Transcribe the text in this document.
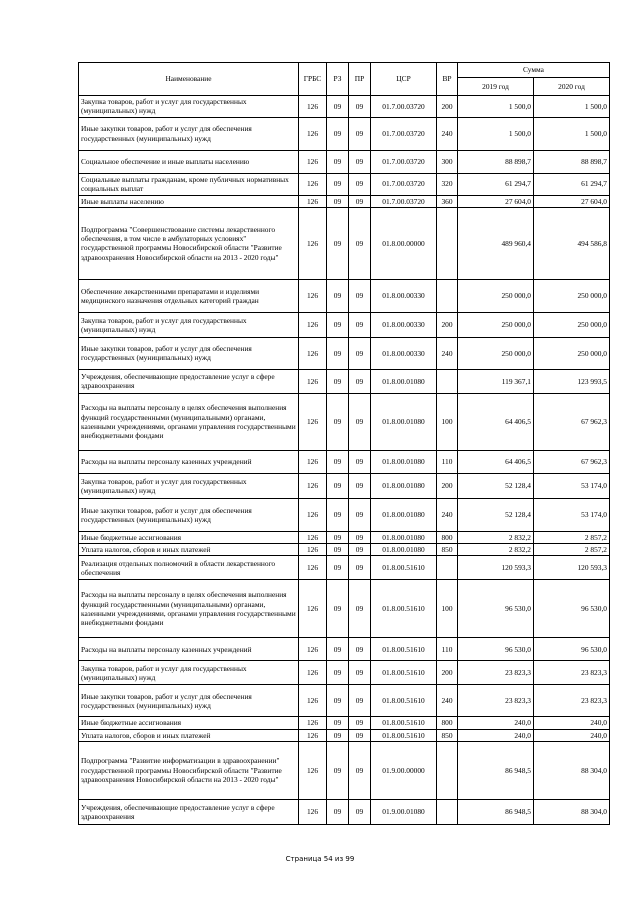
Наименование	ГРБС	РЗ	ПР	ЦСР	ВР	Сумма	
						2019 год	2020 год
Закупка товаров, работ и услуг для государственных (муниципальных) нужд	126	09	09	01.7.00.03720	200	1 500,0	1 500,0
Иные закупки товаров, работ и услуг для обеспечения государственных (муниципальных) нужд	126	09	09	01.7.00.03720	240	1 500,0	1 500,0
Социальное обеспечение и иные выплаты населению	126	09	09	01.7.00.03720	300	88 898,7	88 898,7
Социальные выплаты гражданам, кроме публичных нормативных социальных выплат	126	09	09	01.7.00.03720	320	61 294,7	61 294,7
Иные выплаты населению	126	09	09	01.7.00.03720	360	27 604,0	27 604,0
Подпрограмма "Совершенствование системы лекарственного обеспечения, в том числе в амбулаторных условиях" государственной программы Новосибирской области "Развитие здравоохранения Новосибирской области на 2013 - 2020 годы"	126	09	09	01.8.00.00000		489 960,4	494 586,8
Обеспечение лекарственными препаратами и изделиями медицинского назначения отдельных категорий граждан	126	09	09	01.8.00.00330		250 000,0	250 000,0
Закупка товаров, работ и услуг для государственных (муниципальных) нужд	126	09	09	01.8.00.00330	200	250 000,0	250 000,0
Иные закупки товаров, работ и услуг для обеспечения государственных (муниципальных) нужд	126	09	09	01.8.00.00330	240	250 000,0	250 000,0
Учреждения, обеспечивающие предоставление услуг в сфере здравоохранения	126	09	09	01.8.00.01080		119 367,1	123 993,5
Расходы на выплаты персоналу в целях обеспечения выполнения функций государственными (муниципальными) органами, казенными учреждениями, органами управления государственными внебюджетными фондами	126	09	09	01.8.00.01080	100	64 406,5	67 962,3
Расходы на выплаты персоналу казенных учреждений	126	09	09	01.8.00.01080	110	64 406,5	67 962,3
Закупка товаров, работ и услуг для государственных (муниципальных) нужд	126	09	09	01.8.00.01080	200	52 128,4	53 174,0
Иные закупки товаров, работ и услуг для обеспечения государственных (муниципальных) нужд	126	09	09	01.8.00.01080	240	52 128,4	53 174,0
Иные бюджетные ассигнования	126	09	09	01.8.00.01080	800	2 832,2	2 857,2
Уплата налогов, сборов и иных платежей	126	09	09	01.8.00.01080	850	2 832,2	2 857,2
Реализация отдельных полномочий в области лекарственного обеспечения	126	09	09	01.8.00.51610		120 593,3	120 593,3
Расходы на выплаты персоналу в целях обеспечения выполнения функций государственными (муниципальными) органами, казенными учреждениями, органами управления государственными внебюджетными фондами	126	09	09	01.8.00.51610	100	96 530,0	96 530,0
Расходы на выплаты персоналу казенных учреждений	126	09	09	01.8.00.51610	110	96 530,0	96 530,0
Закупка товаров, работ и услуг для государственных (муниципальных) нужд	126	09	09	01.8.00.51610	200	23 823,3	23 823,3
Иные закупки товаров, работ и услуг для обеспечения государственных (муниципальных) нужд	126	09	09	01.8.00.51610	240	23 823,3	23 823,3
Иные бюджетные ассигнования	126	09	09	01.8.00.51610	800	240,0	240,0
Уплата налогов, сборов и иных платежей	126	09	09	01.8.00.51610	850	240,0	240,0
Подпрограмма "Развитие информатизации в здравоохранении" государственной программы Новосибирской области "Развитие здравоохранения Новосибирской области на 2013 - 2020 годы"	126	09	09	01.9.00.00000		86 948,5	88 304,0
Учреждения, обеспечивающие предоставление услуг в сфере здравоохранения	126	09	09	01.9.00.01080		86 948,5	88 304,0
Страница 54 из 99
